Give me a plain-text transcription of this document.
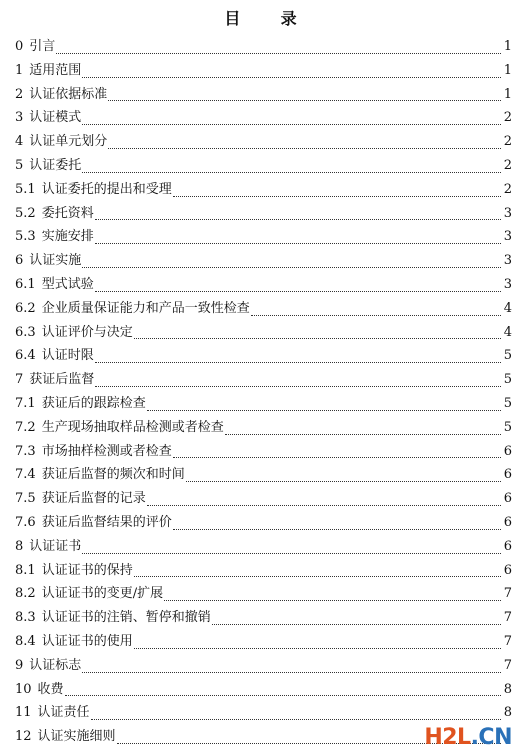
目 录
0 引言	1
1 适用范围	1
2 认证依据标准	1
3 认证模式	2
4 认证单元划分	2
5 认证委托	2
5.1 认证委托的提出和受理	2
5.2 委托资料	3
5.3 实施安排	3
6 认证实施	3
6.1 型式试验	3
6.2 企业质量保证能力和产品一致性检查	4
6.3 认证评价与决定	4
6.4 认证时限	5
7 获证后监督	5
7.1 获证后的跟踪检查	5
7.2 生产现场抽取样品检测或者检查	5
7.3 市场抽样检测或者检查	6
7.4 获证后监督的频次和时间	6
7.5 获证后监督的记录	6
7.6 获证后监督结果的评价	6
8 认证证书	6
8.1 认证证书的保持	6
8.2 认证证书的变更/扩展	7
8.3 认证证书的注销、暂停和撤销	7
8.4 认证证书的使用	7
9 认证标志	7
10 收费	8
11 认证责任	8
12 认证实施细则	H2L.CN
